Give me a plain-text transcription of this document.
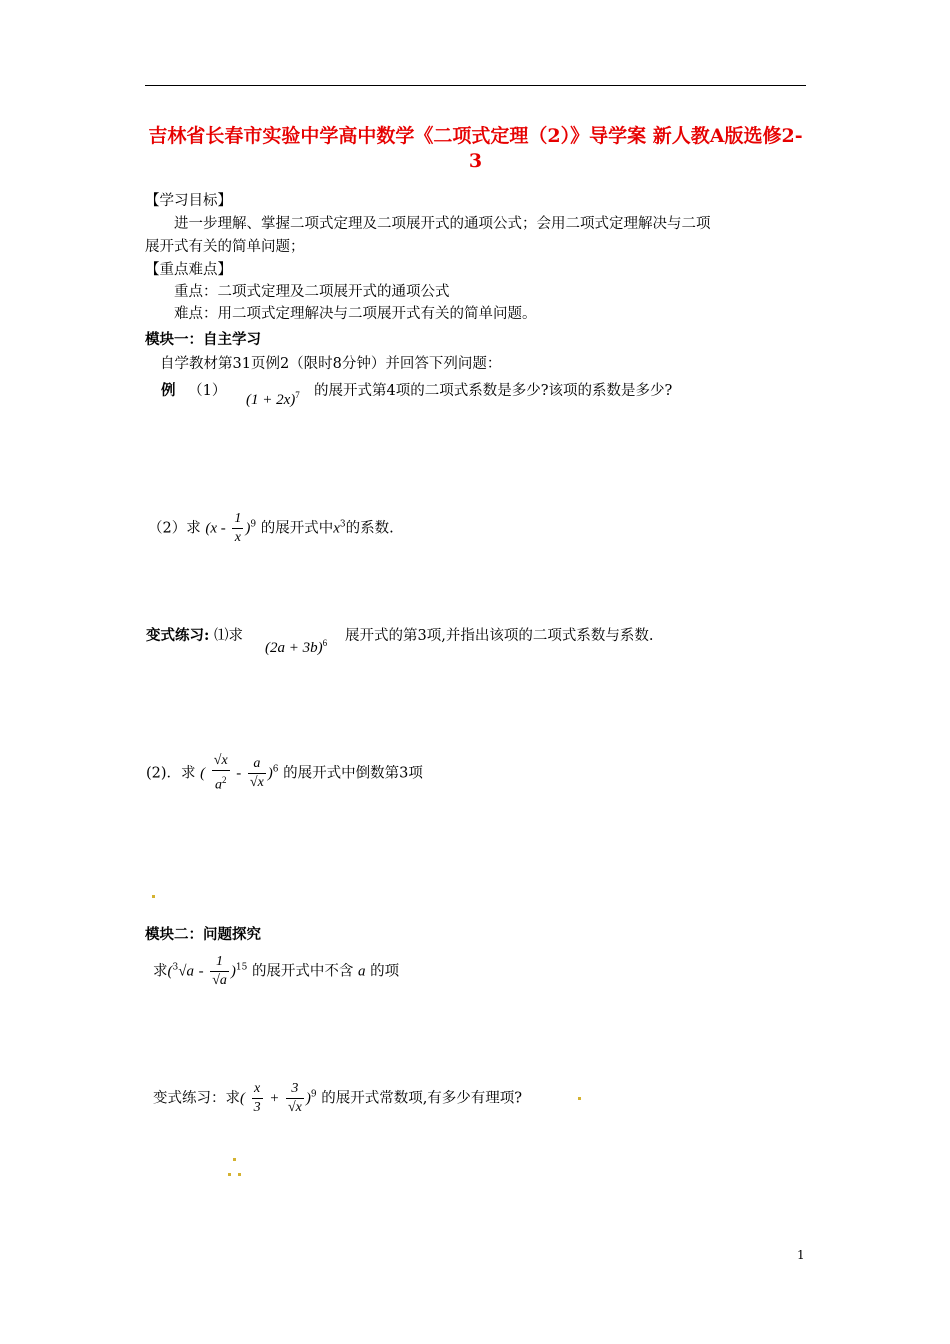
吉林省长春市实验中学高中数学《二项式定理（2）》导学案 新人教A版选修2-3
【学习目标】
进一步理解、掌握二项式定理及二项展开式的通项公式；会用二项式定理解决与二项
展开式有关的简单问题；
【重点难点】
重点：二项式定理及二项展开式的通项公式
难点：用二项式定理解决与二项展开式有关的简单问题。
模块一：自主学习
自学教材第31页例2（限时8分钟）并回答下列问题：
例 （1）
$(1 + 2x)^7$ 的展开式第4项的二项式系数是多少?该项的系数是多少?
（2）求 $(x - \frac{1}{x} )^9$ 的展开式中$x^3$的系数.
变式练习: ⑴求
$(2a + 3b)^6$ 展开式的第3项,并指出该项的二项式系数与系数.
(2)．求 ( $\frac{√x}{a^2} - \frac{a}{√x} )^6$ 的展开式中倒数第3项
模块二：问题探究
求$(^3√a - \frac{1}{√a} )^{15}$ 的展开式中不含 a 的项
变式练习：求( $\frac{x}{3} + \frac{3}{√x} )^9$ 的展开式常数项,有多少有理项?
1
